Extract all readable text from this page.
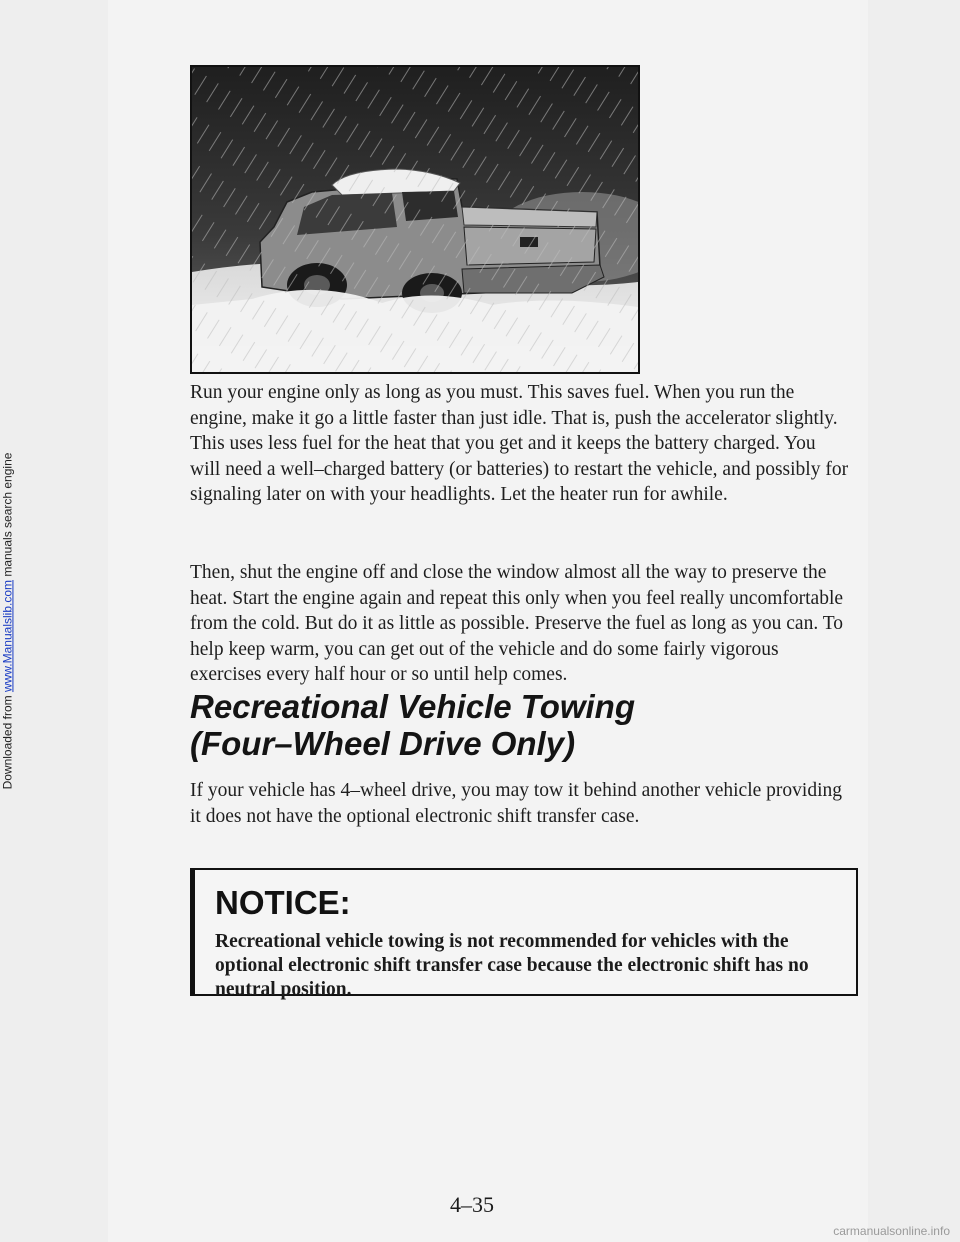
Downloaded from www.Manualslib.com manuals search engine

Run your engine only as long as you must. This saves fuel. When you run the engine, make it go a little faster than just idle. That is, push the accelerator slightly. This uses less fuel for the heat that you get and it keeps the battery charged. You will need a well–charged battery (or batteries) to restart the vehicle, and possibly for signaling later on with your headlights. Let the heater run for awhile.

Then, shut the engine off and close the window almost all the way to preserve the heat. Start the engine again and repeat this only when you feel really uncomfortable from the cold. But do it as little as possible. Preserve the fuel as long as you can. To help keep warm, you can get out of the vehicle and do some fairly vigorous exercises every half hour or so until help comes.

Recreational Vehicle Towing
(Four–Wheel Drive Only)

If your vehicle has 4–wheel drive, you may tow it behind another vehicle providing it does not have the optional electronic shift transfer case.

NOTICE:

Recreational vehicle towing is not recommended for vehicles with the optional electronic shift transfer case because the electronic shift has no neutral position.

4–35

carmanualsonline.info
